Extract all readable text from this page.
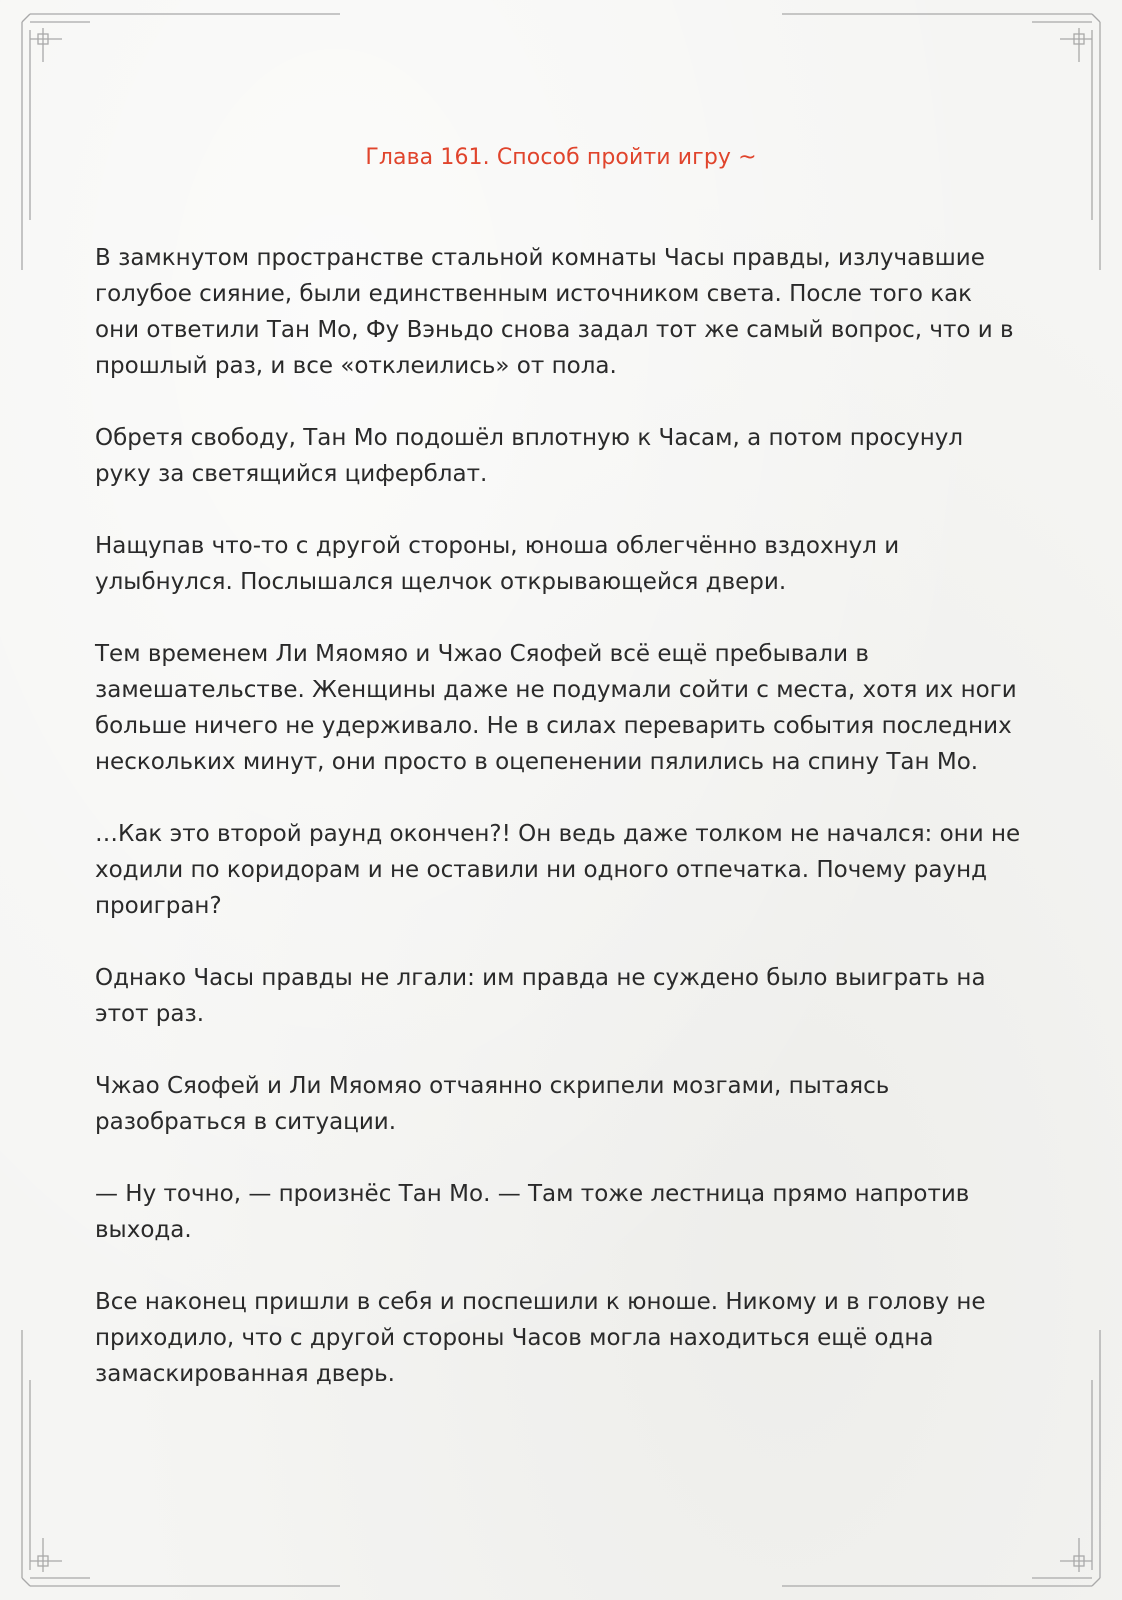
Глава 161. Способ пройти игру ~

В замкнутом пространстве стальной комнаты Часы правды, излучавшие
голубое сияние, были единственным источником света. После того как
они ответили Тан Мо, Фу Вэньдо снова задал тот же самый вопрос, что и в
прошлый раз, и все «отклеились» от пола.

Обретя свободу, Тан Мо подошёл вплотную к Часам, а потом просунул
руку за светящийся циферблат.

Нащупав что-то с другой стороны, юноша облегчённо вздохнул и
улыбнулся. Послышался щелчок открывающейся двери.

Тем временем Ли Мяомяо и Чжао Сяофей всё ещё пребывали в
замешательстве. Женщины даже не подумали сойти с места, хотя их ноги
больше ничего не удерживало. Не в силах переварить события последних
нескольких минут, они просто в оцепенении пялились на спину Тан Мо.

…Как это второй раунд окончен?! Он ведь даже толком не начался: они не
ходили по коридорам и не оставили ни одного отпечатка. Почему раунд
проигран?

Однако Часы правды не лгали: им правда не суждено было выиграть на
этот раз.

Чжао Сяофей и Ли Мяомяо отчаянно скрипели мозгами, пытаясь
разобраться в ситуации.

— Ну точно, — произнёс Тан Мо. — Там тоже лестница прямо напротив
выхода.

Все наконец пришли в себя и поспешили к юноше. Никому и в голову не
приходило, что с другой стороны Часов могла находиться ещё одна
замаскированная дверь.
